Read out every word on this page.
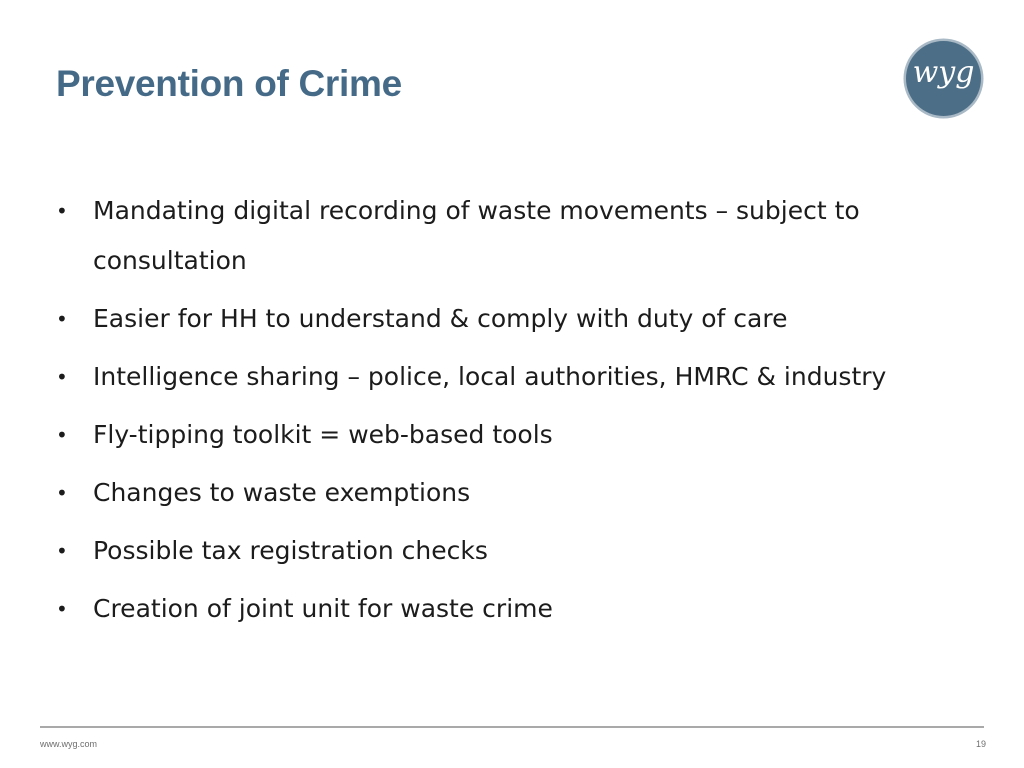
Prevention of Crime	wyg
• Mandating digital recording of waste movements – subject to consultation
• Easier for HH to understand & comply with duty of care
• Intelligence sharing – police, local authorities, HMRC & industry
• Fly-tipping toolkit = web-based tools
• Changes to waste exemptions
• Possible tax registration checks
• Creation of joint unit for waste crime
www.wyg.com	19
